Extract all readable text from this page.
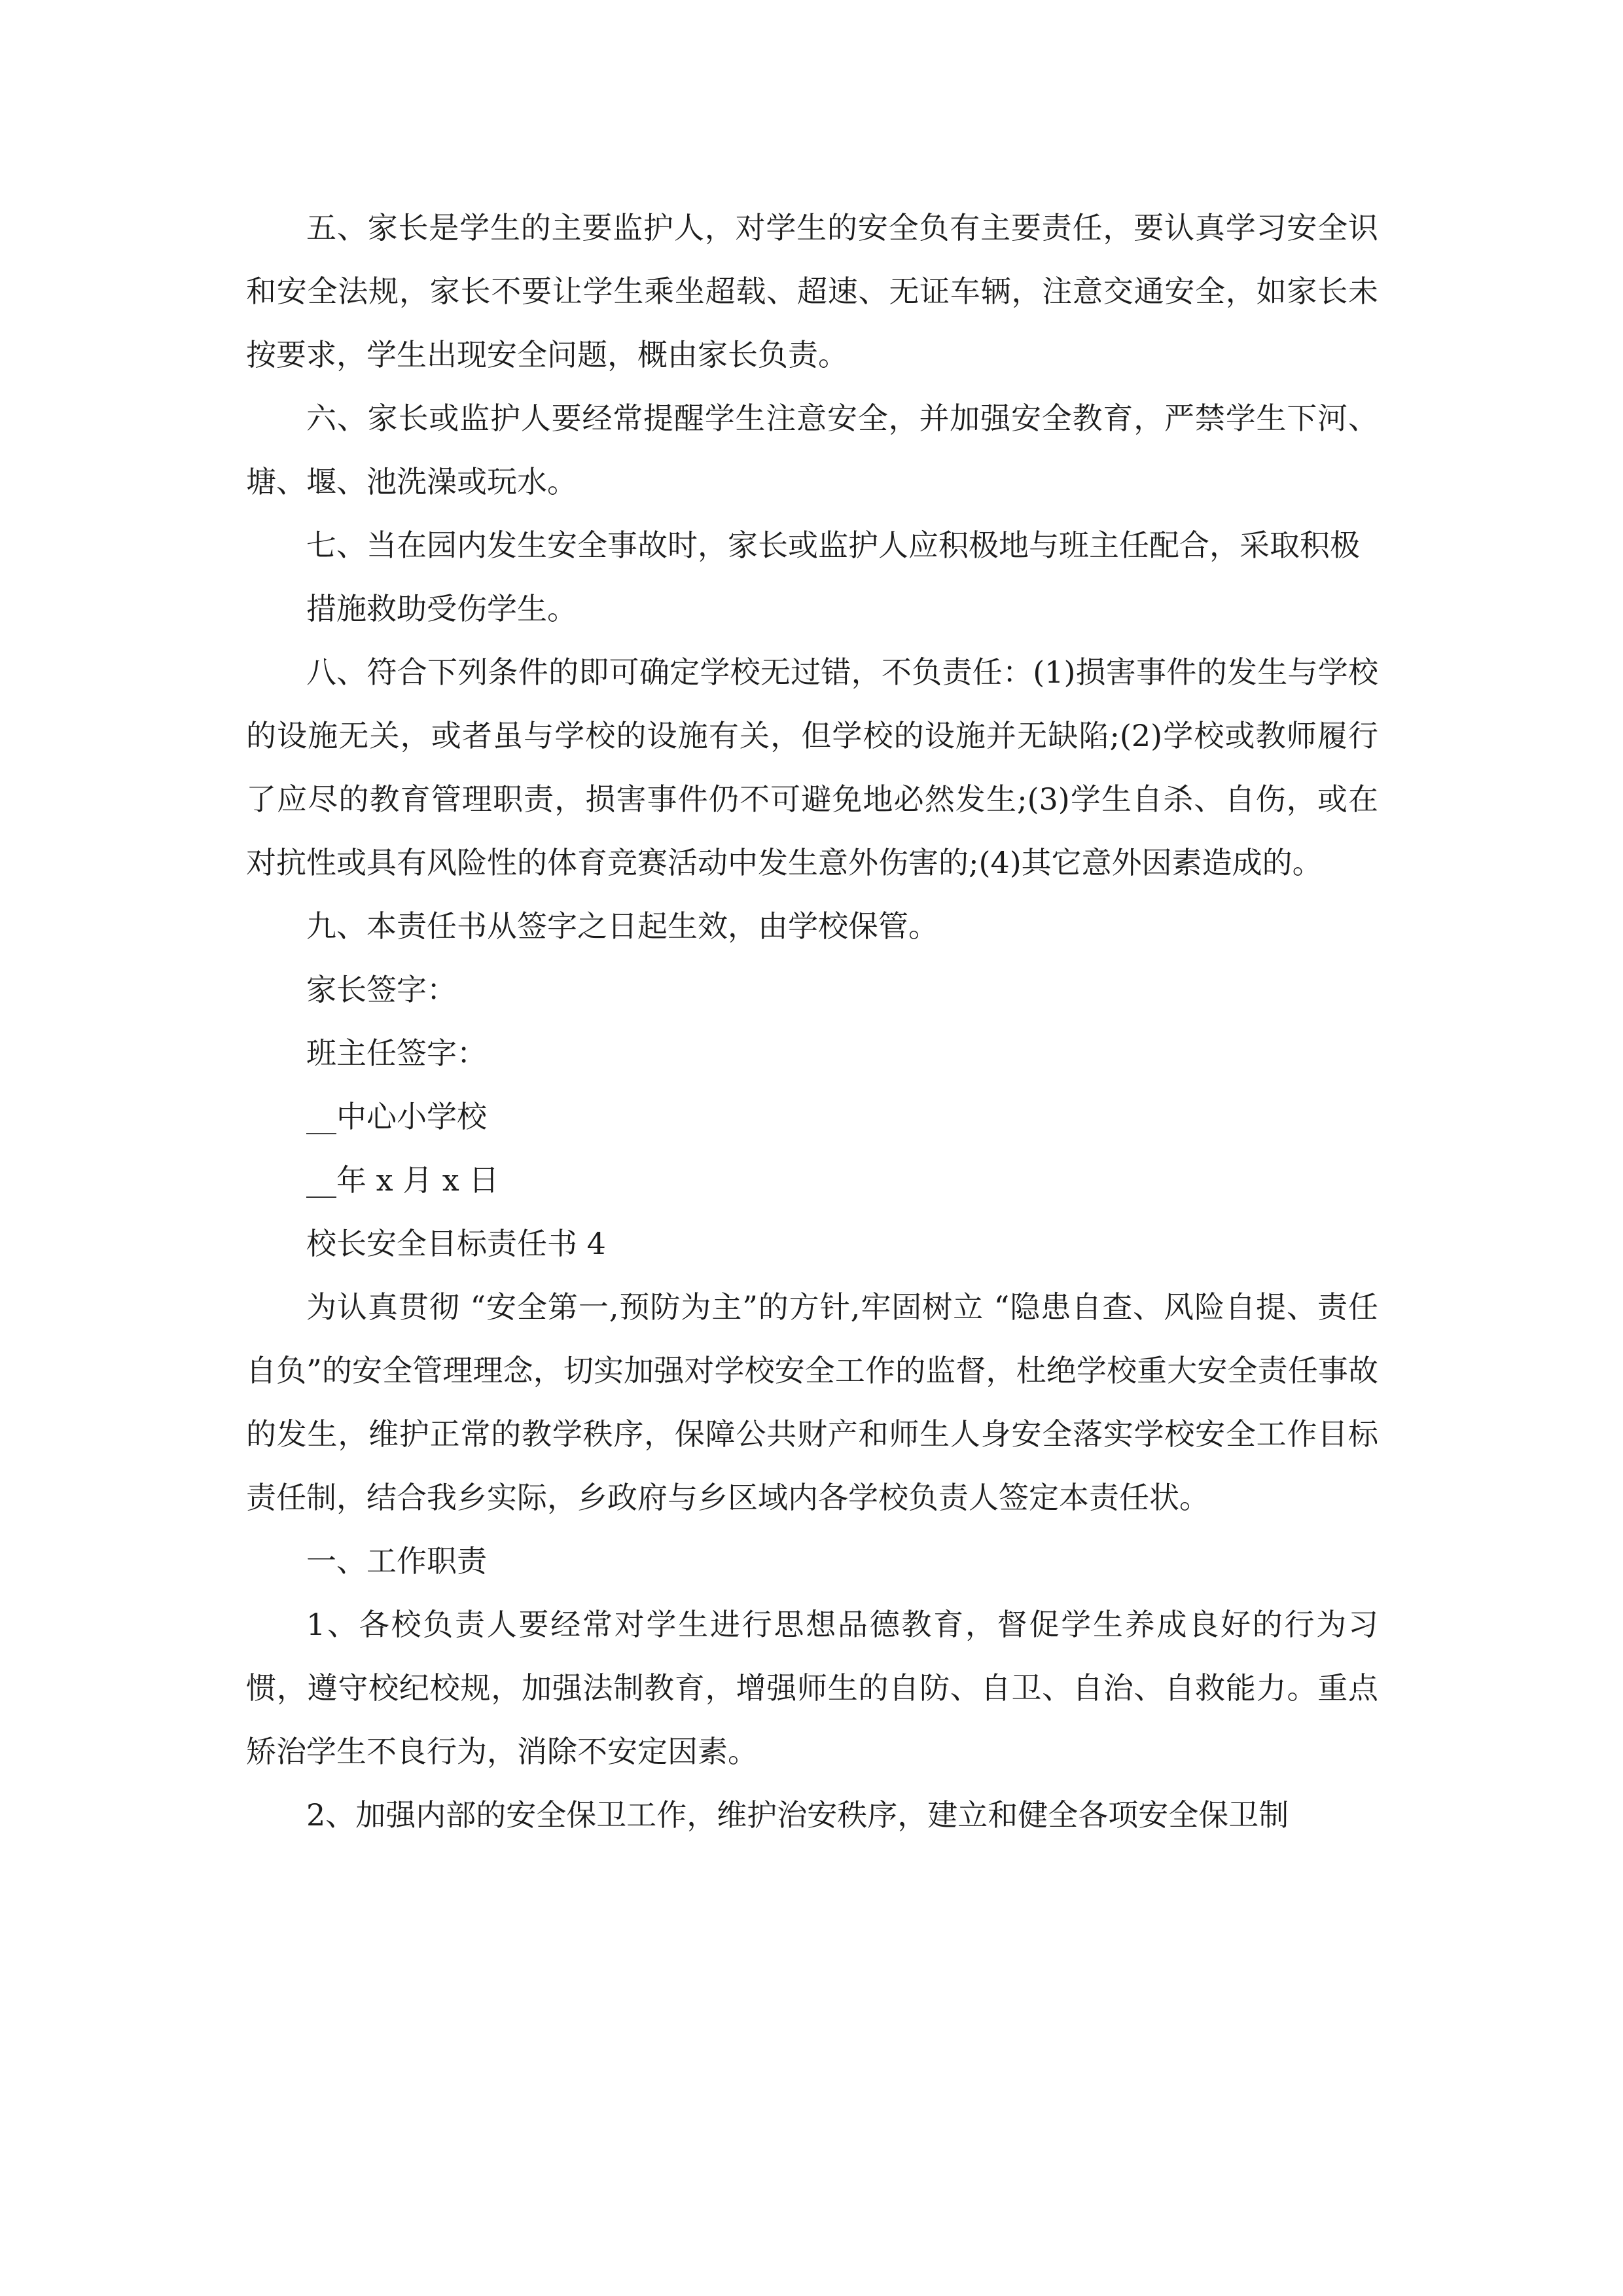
五、家长是学生的主要监护人，对学生的安全负有主要责任，要认真学习安全识和安全法规，家长不要让学生乘坐超载、超速、无证车辆，注意交通安全，如家长未按要求，学生出现安全问题，概由家长负责。

六、家长或监护人要经常提醒学生注意安全，并加强安全教育，严禁学生下河、塘、堰、池洗澡或玩水。

七、当在园内发生安全事故时，家长或监护人应积极地与班主任配合，采取积极

措施救助受伤学生。

八、符合下列条件的即可确定学校无过错，不负责任：(1)损害事件的发生与学校的设施无关，或者虽与学校的设施有关，但学校的设施并无缺陷;(2)学校或教师履行了应尽的教育管理职责，损害事件仍不可避免地必然发生;(3)学生自杀、自伤，或在对抗性或具有风险性的体育竞赛活动中发生意外伤害的;(4)其它意外因素造成的。

九、本责任书从签字之日起生效，由学校保管。

家长签字：

班主任签字：

__中心小学校

__年 x 月 x 日

校长安全目标责任书 4

为认真贯彻 “安全第一,预防为主”的方针,牢固树立 “隐患自查、风险自提、责任自负”的安全管理理念，切实加强对学校安全工作的监督，杜绝学校重大安全责任事故的发生，维护正常的教学秩序，保障公共财产和师生人身安全落实学校安全工作目标责任制，结合我乡实际，乡政府与乡区域内各学校负责人签定本责任状。

一、工作职责

1、各校负责人要经常对学生进行思想品德教育，督促学生养成良好的行为习惯，遵守校纪校规，加强法制教育，增强师生的自防、自卫、自治、自救能力。重点矫治学生不良行为，消除不安定因素。

2、加强内部的安全保卫工作，维护治安秩序，建立和健全各项安全保卫制
